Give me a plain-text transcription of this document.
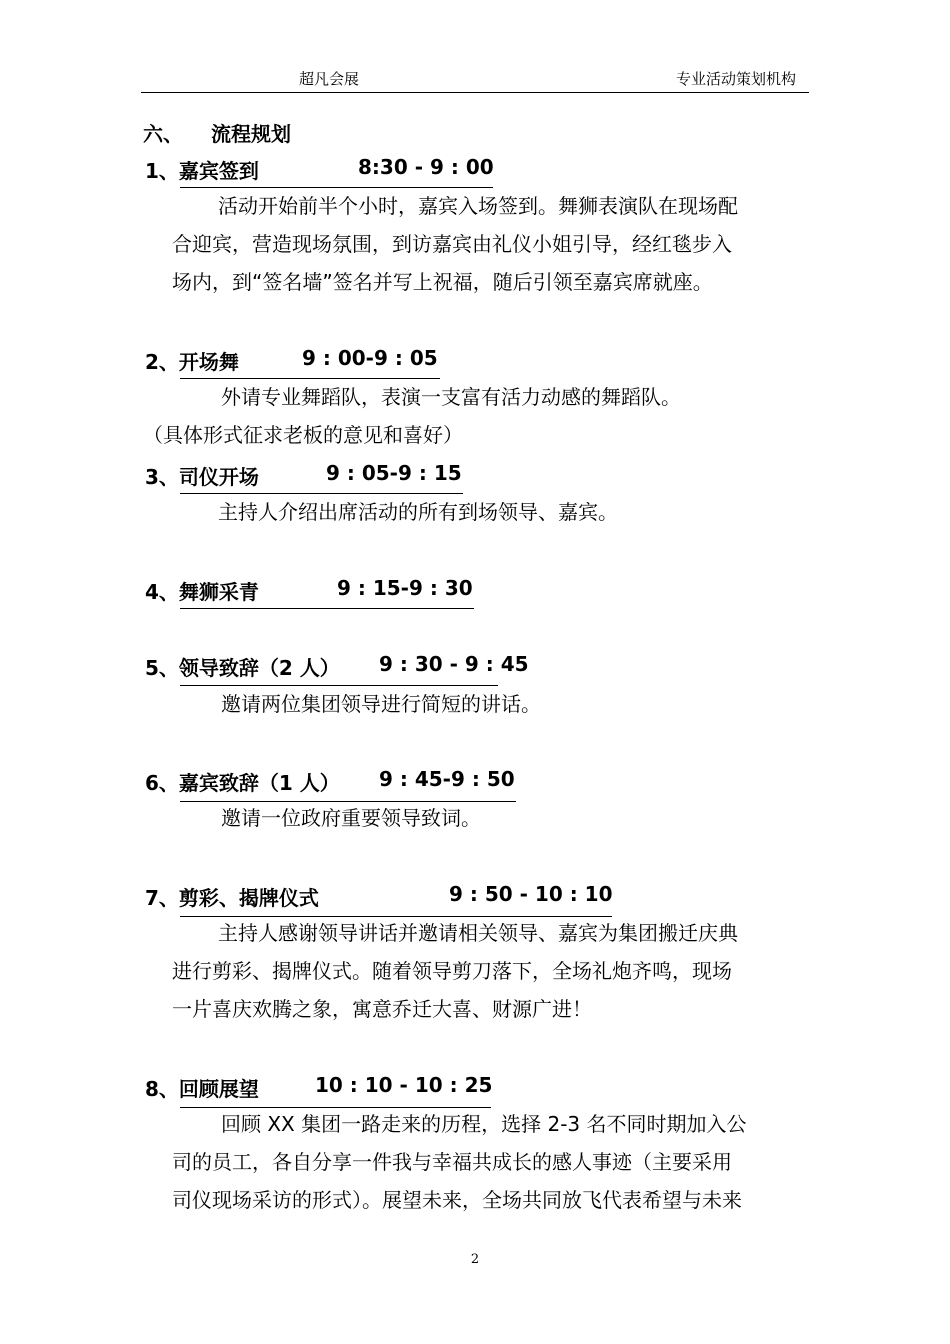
超凡会展	专业活动策划机构
六、 流程规划
1、嘉宾签到	8:30 - 9 : 00
活动开始前半个小时，嘉宾入场签到。舞狮表演队在现场配
合迎宾，营造现场氛围，到访嘉宾由礼仪小姐引导，经红毯步入
场内，到“签名墙”签名并写上祝福，随后引领至嘉宾席就座。
2、开场舞	9 : 00-9 : 05
外请专业舞蹈队，表演一支富有活力动感的舞蹈队。
（具体形式征求老板的意见和喜好）
3、司仪开场	9 : 05-9 : 15
主持人介绍出席活动的所有到场领导、嘉宾。
4、舞狮采青	9 : 15-9 : 30
5、领导致辞（2 人） 9 : 30 - 9 : 45
邀请两位集团领导进行简短的讲话。
6、嘉宾致辞（1 人） 9 : 45-9 : 50
邀请一位政府重要领导致词。
7、剪彩、揭牌仪式	9 : 50 - 10 : 10
主持人感谢领导讲话并邀请相关领导、嘉宾为集团搬迁庆典
进行剪彩、揭牌仪式。随着领导剪刀落下，全场礼炮齐鸣，现场
一片喜庆欢腾之象，寓意乔迁大喜、财源广进！
8、回顾展望	10 : 10 - 10 : 25
回顾 XX 集团一路走来的历程，选择 2-3 名不同时期加入公
司的员工，各自分享一件我与幸福共成长的感人事迹（主要采用
司仪现场采访的形式）。展望未来，全场共同放飞代表希望与未来
2
